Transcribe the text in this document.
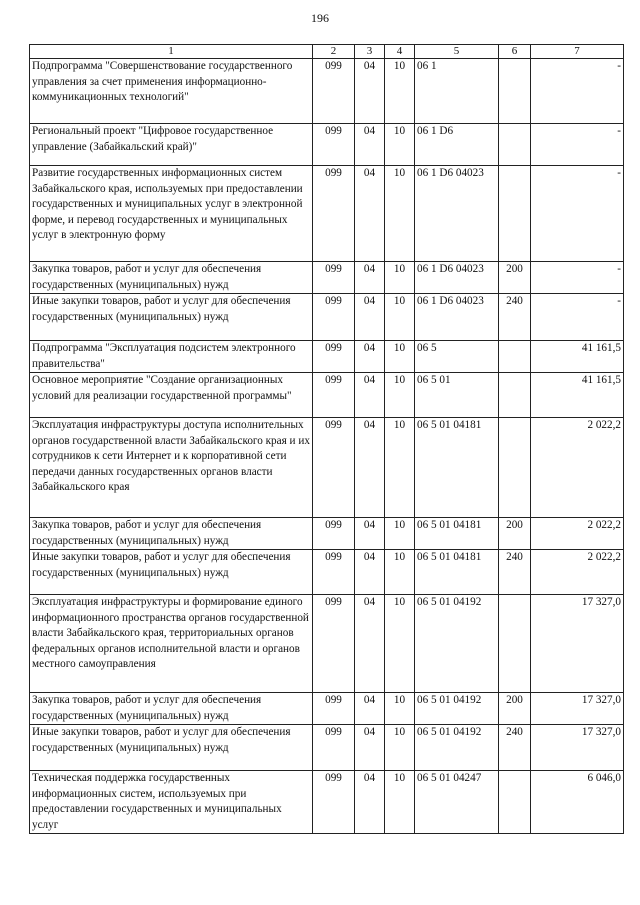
196
1	2	3	4	5	6	7
Подпрограмма "Совершенствование государственного управления за счет применения информационно-коммуникационных технологий"	099	04	10	06 1		-
Региональный проект "Цифровое государственное управление (Забайкальский край)"	099	04	10	06 1 D6		-
Развитие государственных информационных систем Забайкальского края, используемых при предоставлении государственных и муниципальных услуг в электронной форме, и перевод государственных и муниципальных услуг в электронную форму	099	04	10	06 1 D6 04023		-
Закупка товаров, работ и услуг для обеспечения государственных (муниципальных) нужд	099	04	10	06 1 D6 04023	200	-
Иные закупки товаров, работ и услуг для обеспечения государственных (муниципальных) нужд	099	04	10	06 1 D6 04023	240	-
Подпрограмма "Эксплуатация подсистем электронного правительства"	099	04	10	06 5		41 161,5
Основное мероприятие "Создание организационных условий для реализации государственной программы"	099	04	10	06 5 01		41 161,5
Эксплуатация инфраструктуры доступа исполнительных органов государственной власти Забайкальского края и их сотрудников к сети Интернет и к корпоративной сети передачи данных государственных органов власти Забайкальского края	099	04	10	06 5 01 04181		2 022,2
Закупка товаров, работ и услуг для обеспечения государственных (муниципальных) нужд	099	04	10	06 5 01 04181	200	2 022,2
Иные закупки товаров, работ и услуг для обеспечения государственных (муниципальных) нужд	099	04	10	06 5 01 04181	240	2 022,2
Эксплуатация инфраструктуры и формирование единого информационного пространства органов государственной власти Забайкальского края, территориальных органов федеральных органов исполнительной власти и органов местного самоуправления	099	04	10	06 5 01 04192		17 327,0
Закупка товаров, работ и услуг для обеспечения государственных (муниципальных) нужд	099	04	10	06 5 01 04192	200	17 327,0
Иные закупки товаров, работ и услуг для обеспечения государственных (муниципальных) нужд	099	04	10	06 5 01 04192	240	17 327,0
Техническая поддержка государственных информационных систем, используемых при предоставлении государственных и муниципальных услуг	099	04	10	06 5 01 04247		6 046,0
